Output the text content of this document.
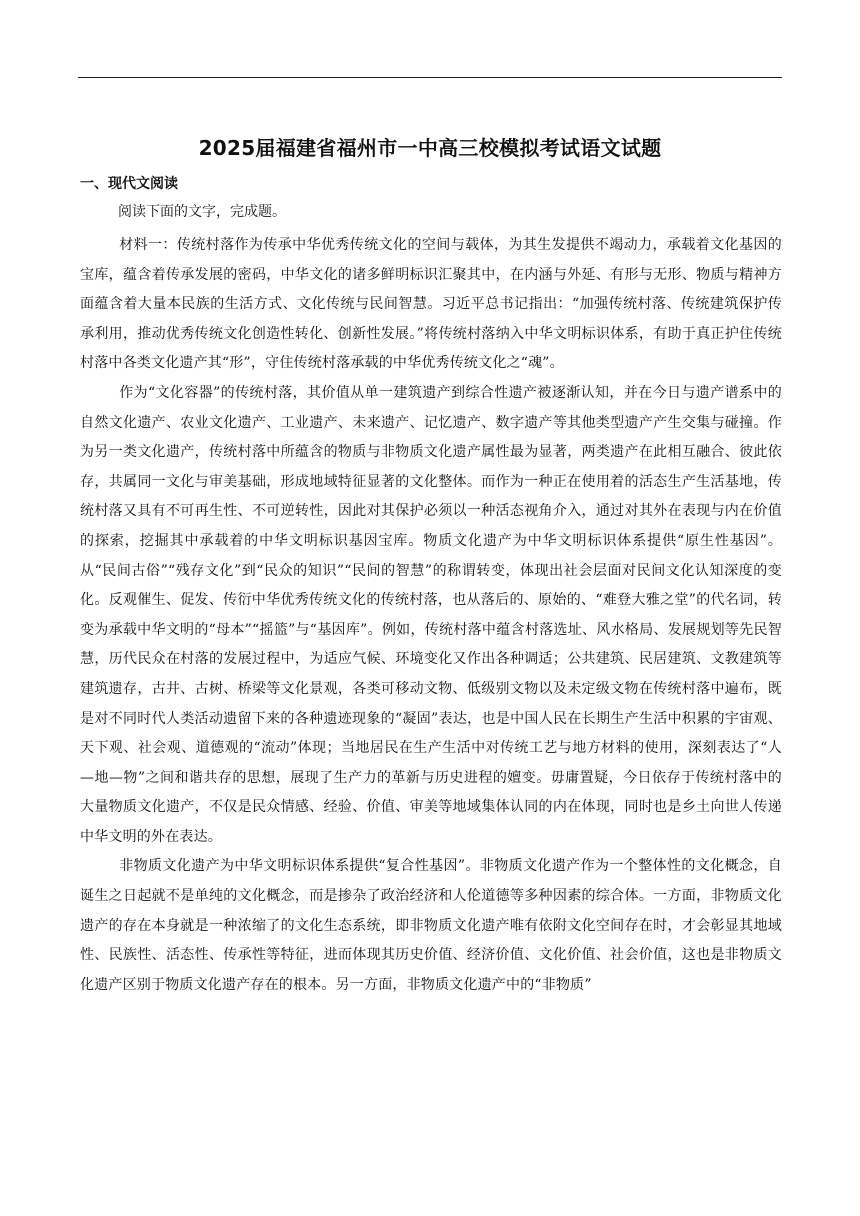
2025届福建省福州市一中高三校模拟考试语文试题
一、现代文阅读
阅读下面的文字，完成题。

材料一：传统村落作为传承中华优秀传统文化的空间与载体，为其生发提供不竭动力，承载着文化基因的宝库，蕴含着传承发展的密码，中华文化的诸多鲜明标识汇聚其中，在内涵与外延、有形与无形、物质与精神方面蕴含着大量本民族的生活方式、文化传统与民间智慧。习近平总书记指出：“加强传统村落、传统建筑保护传承利用，推动优秀传统文化创造性转化、创新性发展。”将传统村落纳入中华文明标识体系，有助于真正护住传统村落中各类文化遗产其“形”，守住传统村落承载的中华优秀传统文化之“魂”。

作为“文化容器”的传统村落，其价值从单一建筑遗产到综合性遗产被逐渐认知，并在今日与遗产谱系中的自然文化遗产、农业文化遗产、工业遗产、未来遗产、记忆遗产、数字遗产等其他类型遗产产生交集与碰撞。作为另一类文化遗产，传统村落中所蕴含的物质与非物质文化遗产属性最为显著，两类遗产在此相互融合、彼此依存，共属同一文化与审美基础，形成地域特征显著的文化整体。而作为一种正在使用着的活态生产生活基地，传统村落又具有不可再生性、不可逆转性，因此对其保护必须以一种活态视角介入，通过对其外在表现与内在价值的探索，挖掘其中承载着的中华文明标识基因宝库。物质文化遗产为中华文明标识体系提供“原生性基因”。从“民间古俗”“残存文化”到“民众的知识”“民间的智慧”的称谓转变，体现出社会层面对民间文化认知深度的变化。反观催生、促发、传衍中华优秀传统文化的传统村落，也从落后的、原始的、“难登大雅之堂”的代名词，转变为承载中华文明的“母本”“摇篮”与“基因库”。例如，传统村落中蕴含村落选址、风水格局、发展规划等先民智慧，历代民众在村落的发展过程中，为适应气候、环境变化又作出各种调适；公共建筑、民居建筑、文教建筑等建筑遗存，古井、古树、桥梁等文化景观，各类可移动文物、低级别文物以及未定级文物在传统村落中遍布，既是对不同时代人类活动遗留下来的各种遗迹现象的“凝固”表达，也是中国人民在长期生产生活中积累的宇宙观、天下观、社会观、道德观的“流动”体现；当地居民在生产生活中对传统工艺与地方材料的使用，深刻表达了“人—地—物”之间和谐共存的思想，展现了生产力的革新与历史进程的嬗变。毋庸置疑，今日依存于传统村落中的大量物质文化遗产，不仅是民众情感、经验、价值、审美等地域集体认同的内在体现，同时也是乡土向世人传递中华文明的外在表达。

非物质文化遗产为中华文明标识体系提供“复合性基因”。非物质文化遗产作为一个整体性的文化概念，自诞生之日起就不是单纯的文化概念，而是掺杂了政治经济和人伦道德等多种因素的综合体。一方面，非物质文化遗产的存在本身就是一种浓缩了的文化生态系统，即非物质文化遗产唯有依附文化空间存在时，才会彰显其地域性、民族性、活态性、传承性等特征，进而体现其历史价值、经济价值、文化价值、社会价值，这也是非物质文化遗产区别于物质文化遗产存在的根本。另一方面，非物质文化遗产中的“非物质”
